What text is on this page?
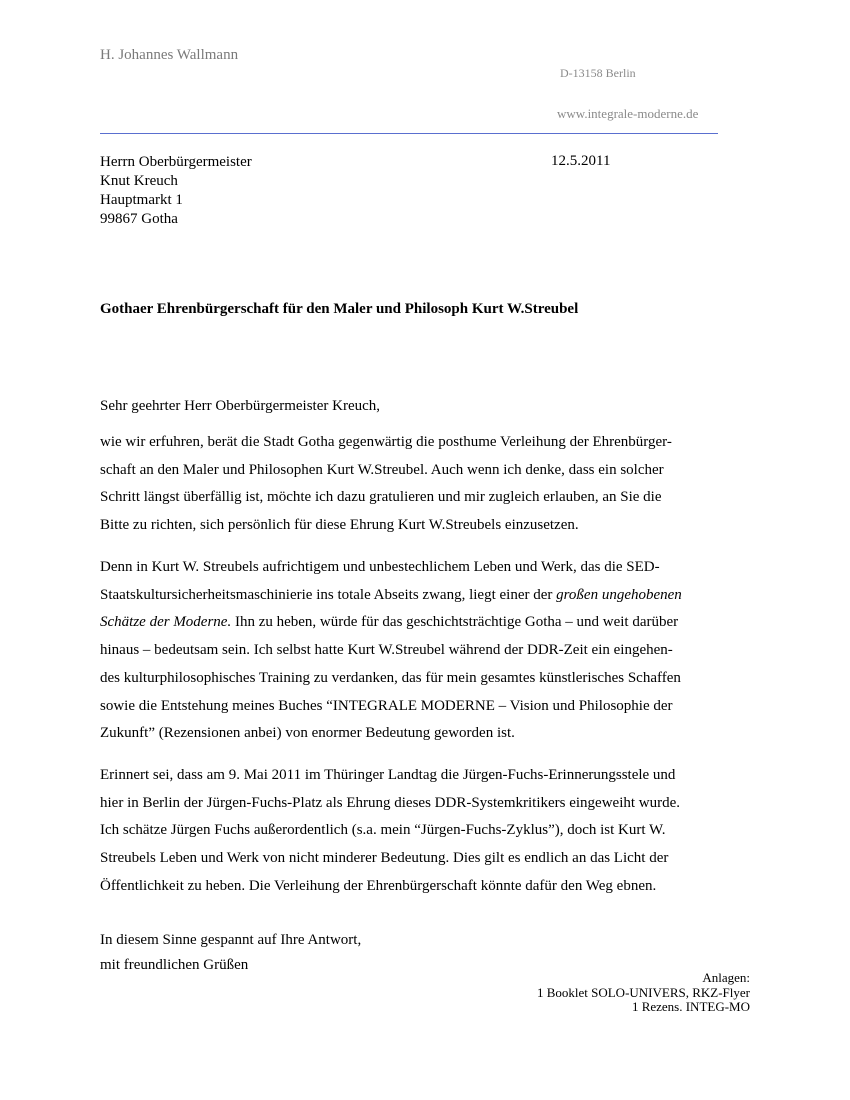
H. Johannes Wallmann
D-13158 Berlin
www.integrale-moderne.de
Herrn Oberbürgermeister
Knut Kreuch
Hauptmarkt 1
99867 Gotha
12.5.2011
Gothaer Ehrenbürgerschaft für den Maler und Philosoph Kurt W.Streubel
Sehr geehrter Herr Oberbürgermeister Kreuch,
wie wir erfuhren, berät die Stadt Gotha gegenwärtig die posthume Verleihung der Ehrenbürger-
schaft an den Maler und Philosophen Kurt W.Streubel. Auch wenn ich denke, dass ein solcher
Schritt längst überfällig ist, möchte ich dazu gratulieren und mir zugleich erlauben, an Sie die
Bitte zu richten, sich persönlich für diese Ehrung Kurt W.Streubels einzusetzen.
Denn in Kurt W. Streubels aufrichtigem und unbestechlichem Leben und Werk, das die SED-
Staatskultursicherheitsmaschinierie ins totale Abseits zwang, liegt einer der großen ungehobenen
Schätze der Moderne. Ihn zu heben, würde für das geschichtsträchtige Gotha – und weit darüber
hinaus – bedeutsam sein. Ich selbst hatte Kurt W.Streubel während der DDR-Zeit ein eingehen-
des kulturphilosophisches Training zu verdanken, das für mein gesamtes künstlerisches Schaffen
sowie die Entstehung meines Buches “INTEGRALE MODERNE – Vision und Philosophie der
Zukunft” (Rezensionen anbei) von enormer Bedeutung geworden ist.
Erinnert sei, dass am 9. Mai 2011 im Thüringer Landtag die Jürgen-Fuchs-Erinnerungsstele und
hier in Berlin der Jürgen-Fuchs-Platz als Ehrung dieses DDR-Systemkritikers eingeweiht wurde.
Ich schätze Jürgen Fuchs außerordentlich (s.a. mein “Jürgen-Fuchs-Zyklus”), doch ist Kurt W.
Streubels Leben und Werk von nicht minderer Bedeutung. Dies gilt es endlich an das Licht der
Öffentlichkeit zu heben. Die Verleihung der Ehrenbürgerschaft könnte dafür den Weg ebnen.
In diesem Sinne gespannt auf Ihre Antwort,
mit freundlichen Grüßen
Anlagen:
1 Booklet SOLO-UNIVERS, RKZ-Flyer
1 Rezens. INTEG-MO
